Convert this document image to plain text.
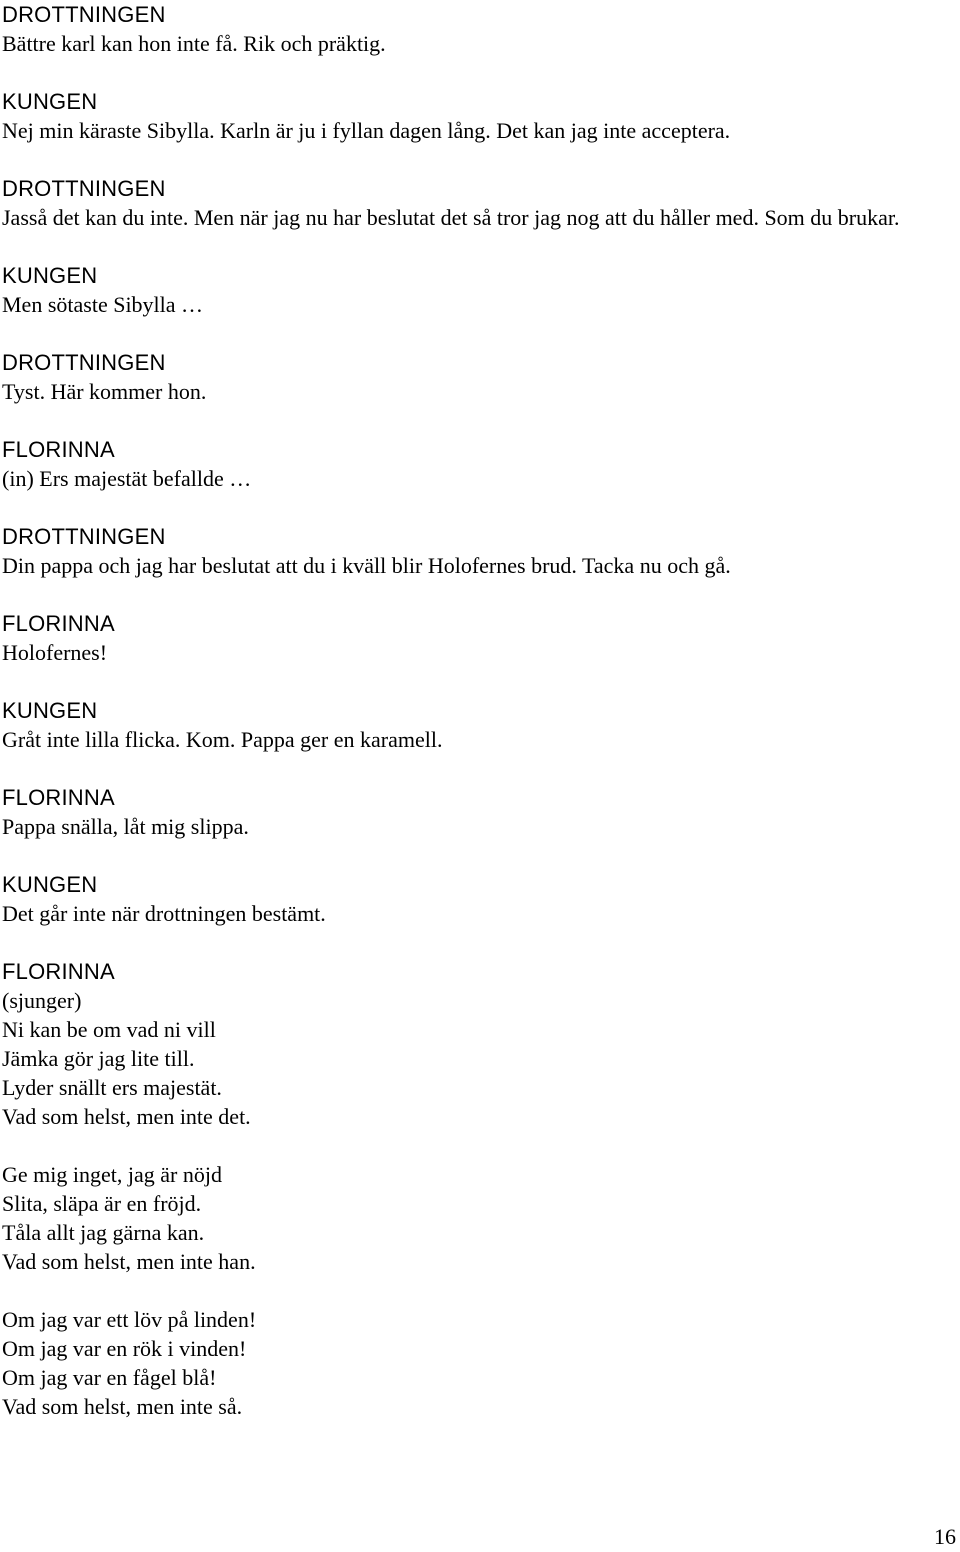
DROTTNINGEN
Bättre karl kan hon inte få. Rik och präktig.
KUNGEN
Nej min käraste Sibylla. Karln är ju i fyllan dagen lång. Det kan jag inte acceptera.
DROTTNINGEN
Jasså det kan du inte. Men när jag nu har beslutat det så tror jag nog att du håller med. Som du brukar.
KUNGEN
Men sötaste Sibylla …
DROTTNINGEN
Tyst. Här kommer hon.
FLORINNA
(in) Ers majestät befallde …
DROTTNINGEN
Din pappa och jag har beslutat att du i kväll blir Holofernes brud. Tacka nu och gå.
FLORINNA
Holofernes!
KUNGEN
Gråt inte lilla flicka. Kom. Pappa ger en karamell.
FLORINNA
Pappa snälla, låt mig slippa.
KUNGEN
Det går inte när drottningen bestämt.
FLORINNA
(sjunger)
Ni kan be om vad ni vill
Jämka gör jag lite till.
Lyder snällt ers majestät.
Vad som helst, men inte det.
Ge mig inget, jag är nöjd
Slita, släpa är en fröjd.
Tåla allt jag gärna kan.
Vad som helst, men inte han.
Om jag var ett löv på linden!
Om jag var en rök i vinden!
Om jag var en fågel blå!
Vad som helst, men inte så.
16
